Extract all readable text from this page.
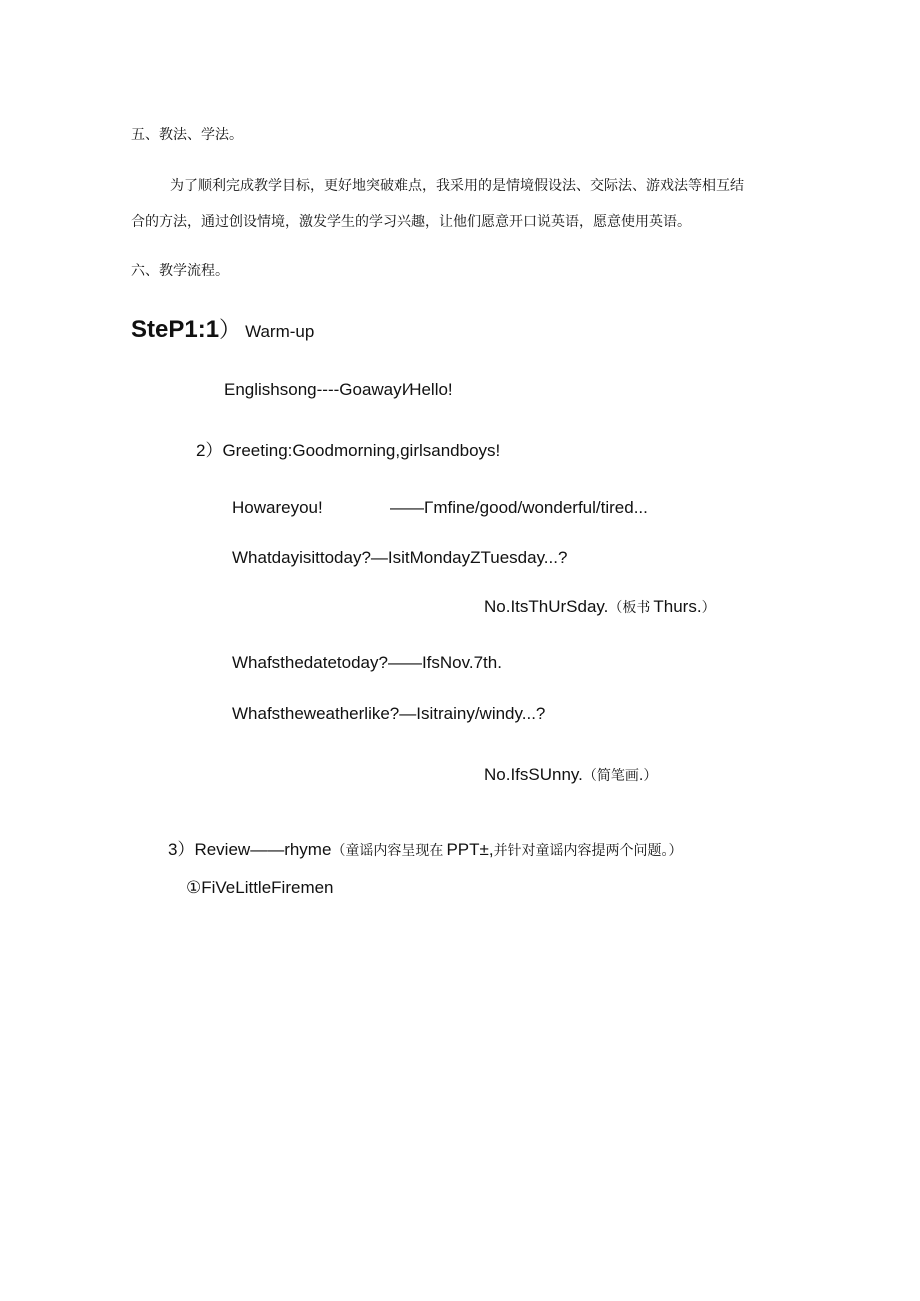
五、教法、学法。
为了顺利完成教学目标，更好地突破难点，我采用的是情境假设法、交际法、游戏法等相互结
合的方法，通过创设情境，激发学生的学习兴趣，让他们愿意开口说英语，愿意使用英语。
六、教学流程。
SteP1:1） Warm-up
Englishsong----GoawayI⁄Hello!
2）Greeting:Goodmorning,girlsandboys!
Howareyou!	——Γmfine/good/wonderful/tired...
Whatdayisittoday?—IsitMondayZTuesday...?
No.ItsThUrSday.（板书 Thurs.）
Whafsthedatetoday?——IfsNov.7th.
Whafstheweatherlike?—Isitrainy/windy...?
No.IfsSUnny.（简笔画.）
3）Review——rhyme（童谣内容呈现在 PPT±,并针对童谣内容提两个问题。）
①FiVeLittleFiremen
